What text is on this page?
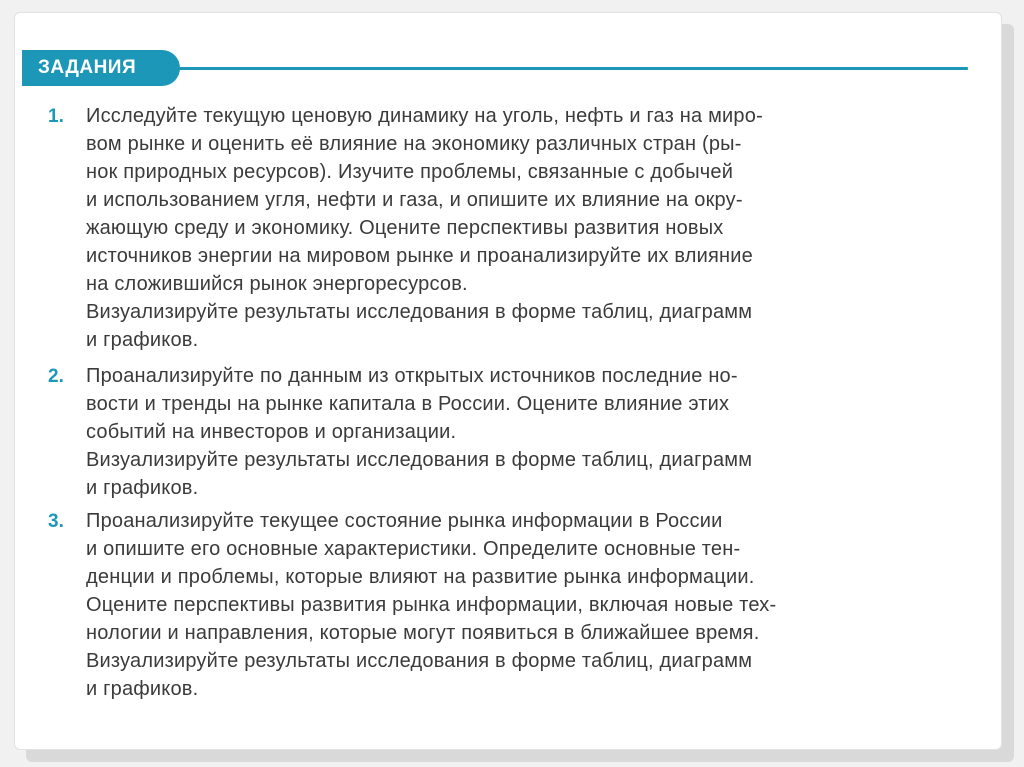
ЗАДАНИЯ
1. Исследуйте текущую ценовую динамику на уголь, нефть и газ на миро-
вом рынке и оценить её влияние на экономику различных стран (ры-
нок природных ресурсов). Изучите проблемы, связанные с добычей
и использованием угля, нефти и газа, и опишите их влияние на окру-
жающую среду и экономику. Оцените перспективы развития новых
источников энергии на мировом рынке и проанализируйте их влияние
на сложившийся рынок энергоресурсов.
Визуализируйте результаты исследования в форме таблиц, диаграмм
и графиков.
2. Проанализируйте по данным из открытых источников последние но-
вости и тренды на рынке капитала в России. Оцените влияние этих
событий на инвесторов и организации.
Визуализируйте результаты исследования в форме таблиц, диаграмм
и графиков.
3. Проанализируйте текущее состояние рынка информации в России
и опишите его основные характеристики. Определите основные тен-
денции и проблемы, которые влияют на развитие рынка информации.
Оцените перспективы развития рынка информации, включая новые тех-
нологии и направления, которые могут появиться в ближайшее время.
Визуализируйте результаты исследования в форме таблиц, диаграмм
и графиков.
